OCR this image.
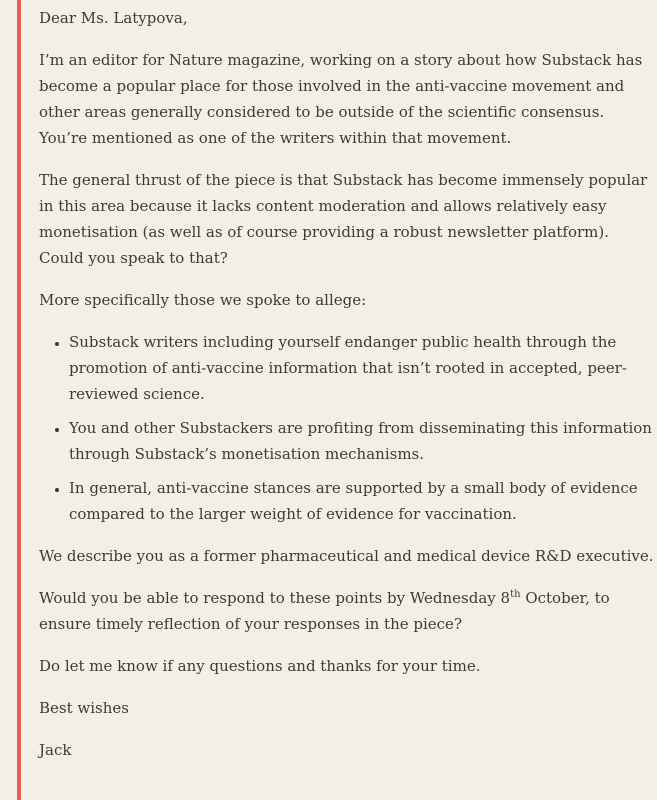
Dear Ms. Latypova,

I’m an editor for Nature magazine, working on a story about how Substack has become a popular place for those involved in the anti-vaccine movement and other areas generally considered to be outside of the scientific consensus. You’re mentioned as one of the writers within that movement.

The general thrust of the piece is that Substack has become immensely popular in this area because it lacks content moderation and allows relatively easy monetisation (as well as of course providing a robust newsletter platform). Could you speak to that?

More specifically those we spoke to allege:

• Substack writers including yourself endanger public health through the promotion of anti-vaccine information that isn’t rooted in accepted, peer-reviewed science.
• You and other Substackers are profiting from disseminating this information through Substack’s monetisation mechanisms.
• In general, anti-vaccine stances are supported by a small body of evidence compared to the larger weight of evidence for vaccination.

We describe you as a former pharmaceutical and medical device R&D executive.

Would you be able to respond to these points by Wednesday 8th October, to ensure timely reflection of your responses in the piece?

Do let me know if any questions and thanks for your time.

Best wishes

Jack
